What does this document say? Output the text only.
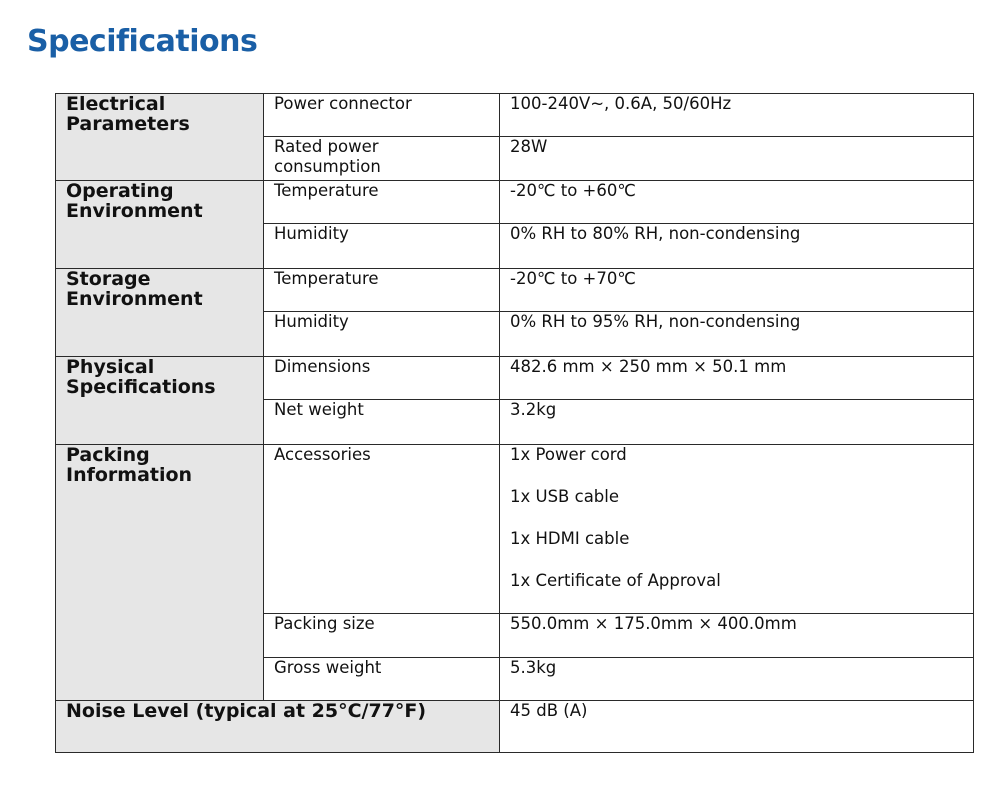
Specifications
Electrical Parameters	Power connector	100-240V~, 0.6A, 50/60Hz
	Rated power consumption	28W
Operating Environment	Temperature	-20℃ to +60℃
	Humidity	0% RH to 80% RH, non-condensing
Storage Environment	Temperature	-20℃ to +70℃
	Humidity	0% RH to 95% RH, non-condensing
Physical Specifications	Dimensions	482.6 mm × 250 mm × 50.1 mm
	Net weight	3.2kg
Packing Information	Accessories	1x Power cord
1x USB cable
1x HDMI cable
1x Certificate of Approval

	Packing size	550.0mm × 175.0mm × 400.0mm
	Gross weight	5.3kg
Noise Level (typical at 25°C/77°F)		45 dB (A)
